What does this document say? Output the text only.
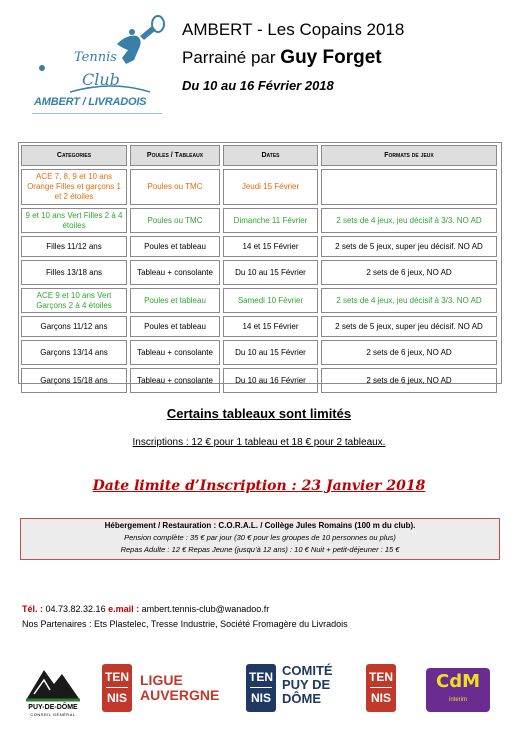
Tennis
Club
AMBERT / LIVRADOIS
AMBERT - Les Copains 2018
Parrainé par Guy Forget
Du 10 au 16 Février 2018
Categories	Poules / Tableaux	Dates	Formats de jeux
ACE 7, 8, 9 et 10 ans Orange Filles et garçons 1 et 2 étoiles	Poules ou TMC	Jeudi 15 Février	
9 et 10 ans Vert Filles 2 à 4 étoiles	Poules ou TMC	Dimanche 11 Février	2 sets de 4 jeux, jeu décisif à 3/3. NO AD
Filles 11/12 ans	Poules et tableau	14 et 15 Février	2 sets de 5 jeux, super jeu décisif. NO AD
Filles 13/18 ans	Tableau + consolante	Du 10 au 15 Février	2 sets de 6 jeux, NO AD
ACE 9 et 10 ans Vert Garçons 2 à 4 étoiles	Poules et tableau	Samedi 10 Février	2 sets de 4 jeux, jeu décisif à 3/3. NO AD
Garçons 11/12 ans	Poules et tableau	14 et 15 Février	2 sets de 5 jeux, super jeu décisif. NO AD
Garçons 13/14 ans	Tableau + consolante	Du 10 au 15 Février	2 sets de 6 jeux, NO AD
Garçons 15/18 ans	Tableau + consolante	Du 10 au 16 Février	2 sets de 6 jeux, NO AD
Certains tableaux sont limités
Inscriptions : 12 € pour 1 tableau et 18 € pour 2 tableaux.
Date limite d’Inscription : 23 Janvier 2018
Hébergement / Restauration : C.O.R.A.L. / Collège Jules Romains (100 m du club).
Pension complète : 35 € par jour (30 € pour les groupes de 10 personnes ou plus)
Repas Adulte : 12 € Repas Jeune (jusqu’à 12 ans) : 10 € Nuit + petit-déjeuner : 15 €
Tél. : 04.73.82.32.16 e.mail : ambert.tennis-club@wanadoo.fr
Nos Partenaires : Ets Plastelec, Tresse Industrie, Société Fromagère du Livradois
PUY-DE-DÔME
CONSEIL GÉNÉRAL
TEN
NIS
LIGUE
AUVERGNE
TEN
NIS
COMITÉ
PUY DE
DÔME
TEN
NIS
CdM
interim
